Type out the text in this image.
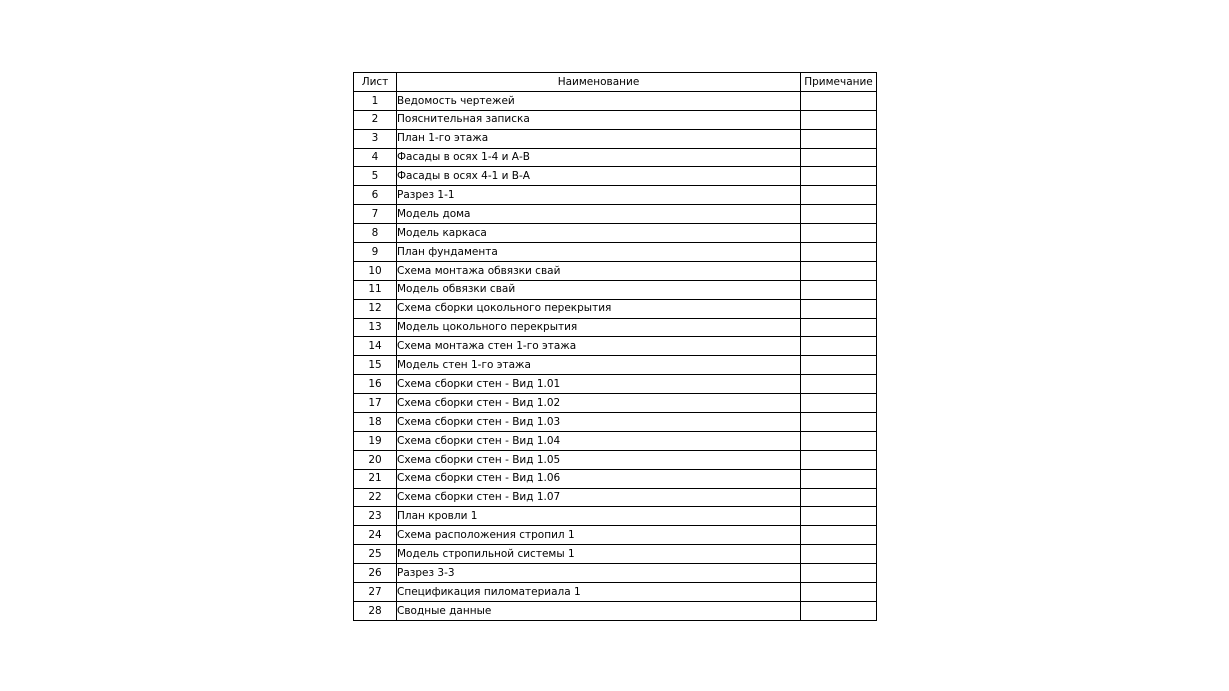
Лист	Наименование	Примечание
1	Ведомость чертежей	
2	Пояснительная записка	
3	План 1-го этажа	
4	Фасады в осях 1-4 и А-В	
5	Фасады в осях 4-1 и В-А	
6	Разрез 1-1	
7	Модель дома	
8	Модель каркаса	
9	План фундамента	
10	Схема монтажа обвязки свай	
11	Модель обвязки свай	
12	Схема сборки цокольного перекрытия	
13	Модель цокольного перекрытия	
14	Схема монтажа стен 1-го этажа	
15	Модель стен 1-го этажа	
16	Схема сборки стен - Вид 1.01	
17	Схема сборки стен - Вид 1.02	
18	Схема сборки стен - Вид 1.03	
19	Схема сборки стен - Вид 1.04	
20	Схема сборки стен - Вид 1.05	
21	Схема сборки стен - Вид 1.06	
22	Схема сборки стен - Вид 1.07	
23	План кровли 1	
24	Схема расположения стропил 1	
25	Модель стропильной системы 1	
26	Разрез 3-3	
27	Спецификация пиломатериала 1	
28	Сводные данные	
